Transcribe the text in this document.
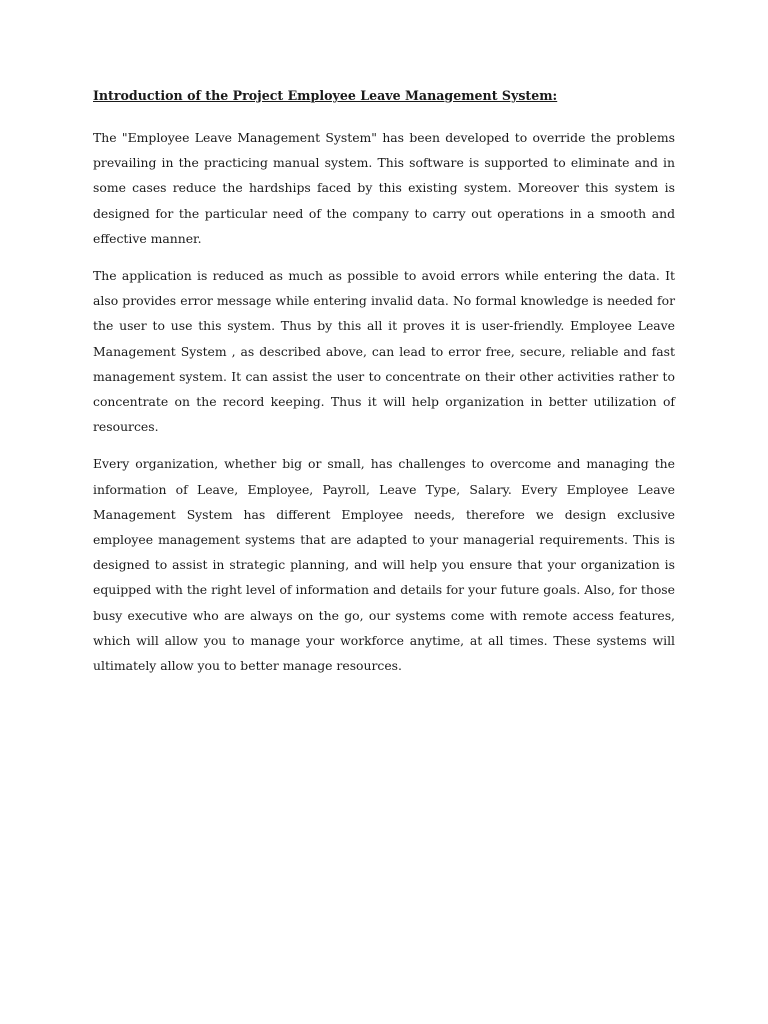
Introduction of the Project Employee Leave Management System:

The "Employee Leave Management System" has been developed to override the problems prevailing in the practicing manual system. This software is supported to eliminate and in some cases reduce the hardships faced by this existing system. Moreover this system is designed for the particular need of the company to carry out operations in a smooth and effective manner.

The application is reduced as much as possible to avoid errors while entering the data. It also provides error message while entering invalid data. No formal knowledge is needed for the user to use this system. Thus by this all it proves it is user-friendly. Employee Leave Management System , as described above, can lead to error free, secure, reliable and fast management system. It can assist the user to concentrate on their other activities rather to concentrate on the record keeping. Thus it will help organization in better utilization of resources.

Every organization, whether big or small, has challenges to overcome and managing the information of Leave, Employee, Payroll, Leave Type, Salary. Every Employee Leave Management System has different Employee needs, therefore we design exclusive employee management systems that are adapted to your managerial requirements. This is designed to assist in strategic planning, and will help you ensure that your organization is equipped with the right level of information and details for your future goals. Also, for those busy executive who are always on the go, our systems come with remote access features, which will allow you to manage your workforce anytime, at all times. These systems will ultimately allow you to better manage resources.
